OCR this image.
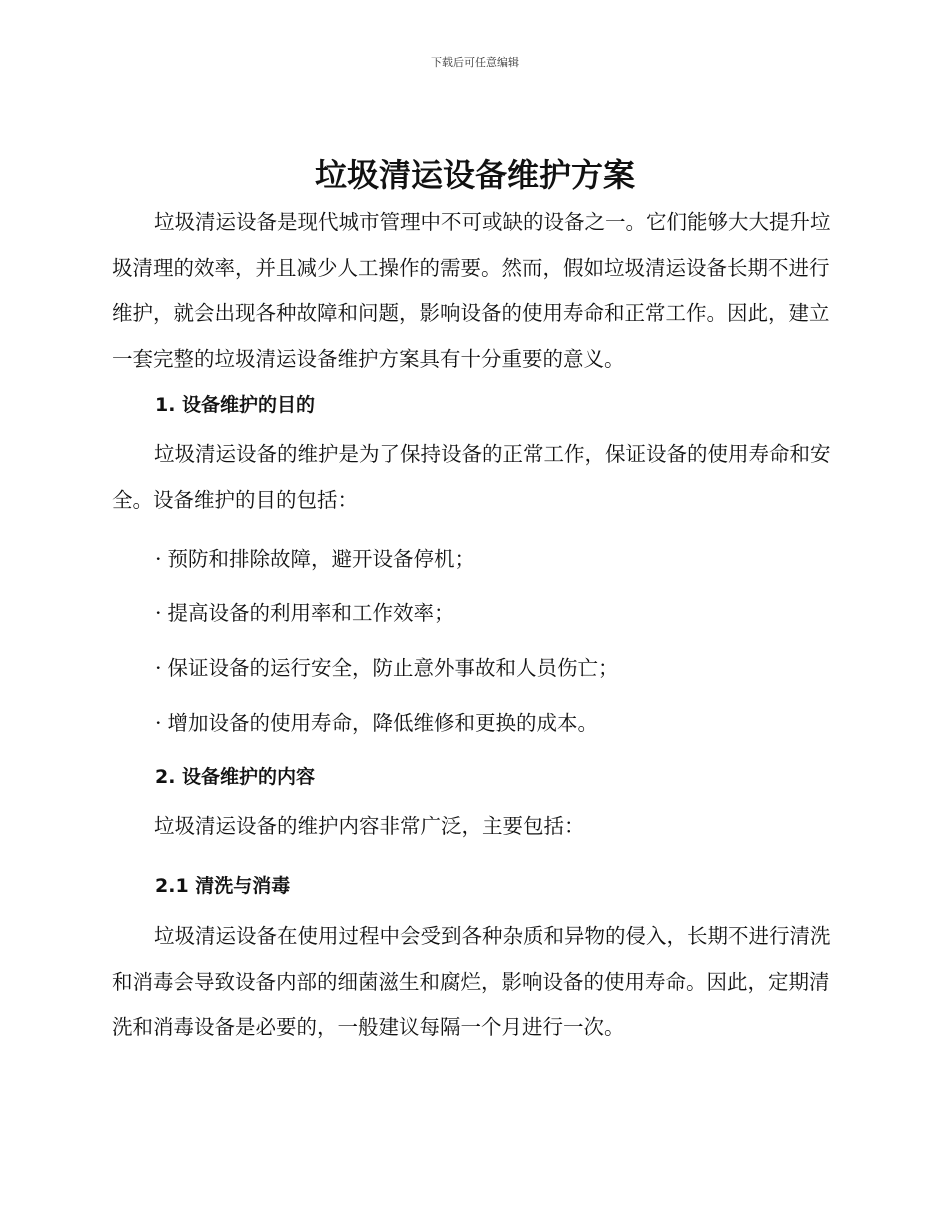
下载后可任意编辑
垃圾清运设备维护方案

垃圾清运设备是现代城市管理中不可或缺的设备之一。它们能够大大提升垃圾清理的效率，并且减少人工操作的需要。然而，假如垃圾清运设备长期不进行维护，就会出现各种故障和问题，影响设备的使用寿命和正常工作。因此，建立一套完整的垃圾清运设备维护方案具有十分重要的意义。

1. 设备维护的目的

垃圾清运设备的维护是为了保持设备的正常工作，保证设备的使用寿命和安全。设备维护的目的包括：

· 预防和排除故障，避开设备停机；

· 提高设备的利用率和工作效率；

· 保证设备的运行安全，防止意外事故和人员伤亡；

· 增加设备的使用寿命，降低维修和更换的成本。

2. 设备维护的内容

垃圾清运设备的维护内容非常广泛，主要包括：

2.1 清洗与消毒

垃圾清运设备在使用过程中会受到各种杂质和异物的侵入，长期不进行清洗和消毒会导致设备内部的细菌滋生和腐烂，影响设备的使用寿命。因此，定期清洗和消毒设备是必要的，一般建议每隔一个月进行一次。
